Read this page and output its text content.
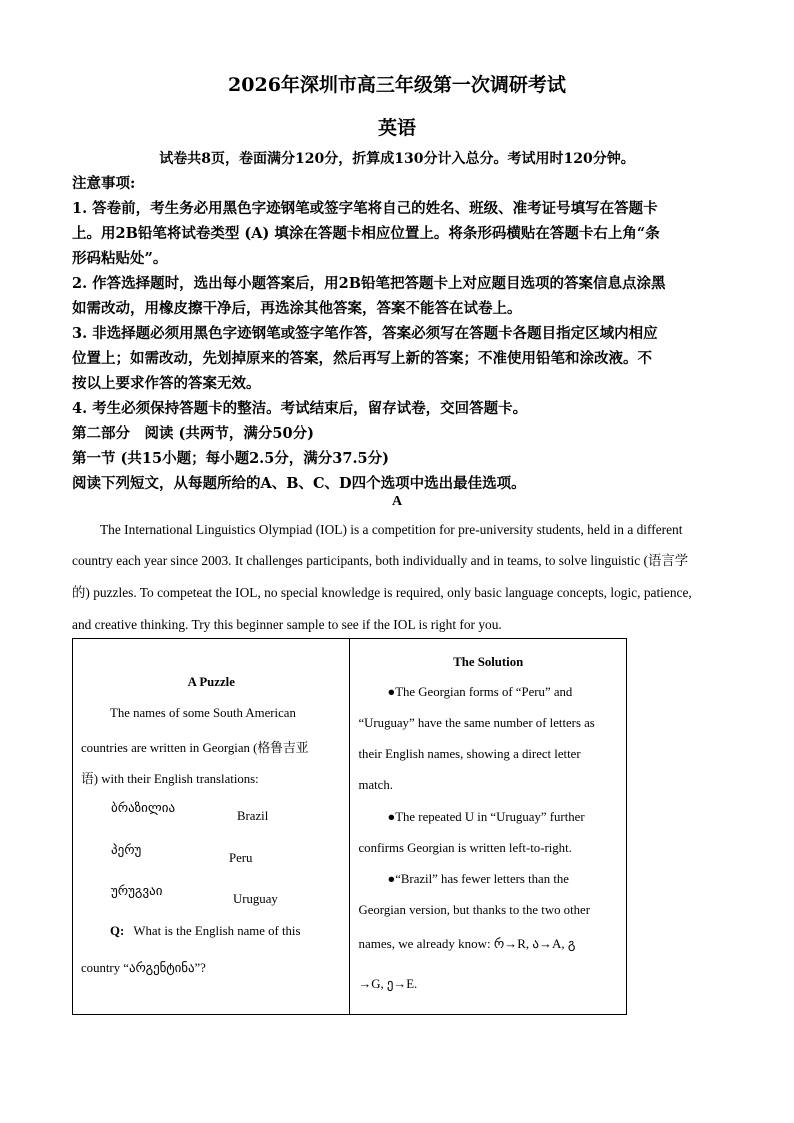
2026年深圳市高三年级第一次调研考试
英语
试卷共8页，卷面满分120分，折算成130分计入总分。考试用时120分钟。
注意事项:
1. 答卷前，考生务必用黑色字迹钢笔或签字笔将自己的姓名、班级、准考证号填写在答题卡
上。用2B铅笔将试卷类型 (A) 填涂在答题卡相应位置上。将条形码横贴在答题卡右上角“条
形码粘贴处”。
2. 作答选择题时，选出每小题答案后，用2B铅笔把答题卡上对应题目选项的答案信息点涂黑
如需改动，用橡皮擦干净后，再选涂其他答案，答案不能答在试卷上。
3. 非选择题必须用黑色字迹钢笔或签字笔作答，答案必须写在答题卡各题目指定区域内相应
位置上；如需改动，先划掉原来的答案，然后再写上新的答案；不准使用铅笔和涂改液。不
按以上要求作答的答案无效。
4. 考生必须保持答题卡的整洁。考试结束后，留存试卷，交回答题卡。
第二部分　阅读 (共两节，满分50分)
第一节 (共15小题；每小题2.5分，满分37.5分)
阅读下列短文，从每题所给的A、B、C、D四个选项中选出最佳选项。
A
The International Linguistics Olympiad (IOL) is a competition for pre-university students, held in a different
country each year since 2003. It challenges participants, both individually and in teams, to solve linguistic (语言学
的) puzzles. To competeat the IOL, no special knowledge is required, only basic language concepts, logic, patience,
and creative thinking. Try this beginner sample to see if the IOL is right for you.
A Puzzle
The names of some South American
countries are written in Georgian (格鲁吉亚
语) with their English translations:
ბრაზილია	Brazil
პერუ	Peru
ურუგვაი	Uruguay
Q: What is the English name of this
country “არგენტინა”?

The Solution
●The Georgian forms of “Peru” and
“Uruguay” have the same number of letters as
their English names, showing a direct letter
match.
●The repeated U in “Uruguay” further
confirms Georgian is written left-to-right.
●“Brazil” has fewer letters than the
Georgian version, but thanks to the two other
names, we already know: რ→R, ა→A, გ
→G, ე→E.
